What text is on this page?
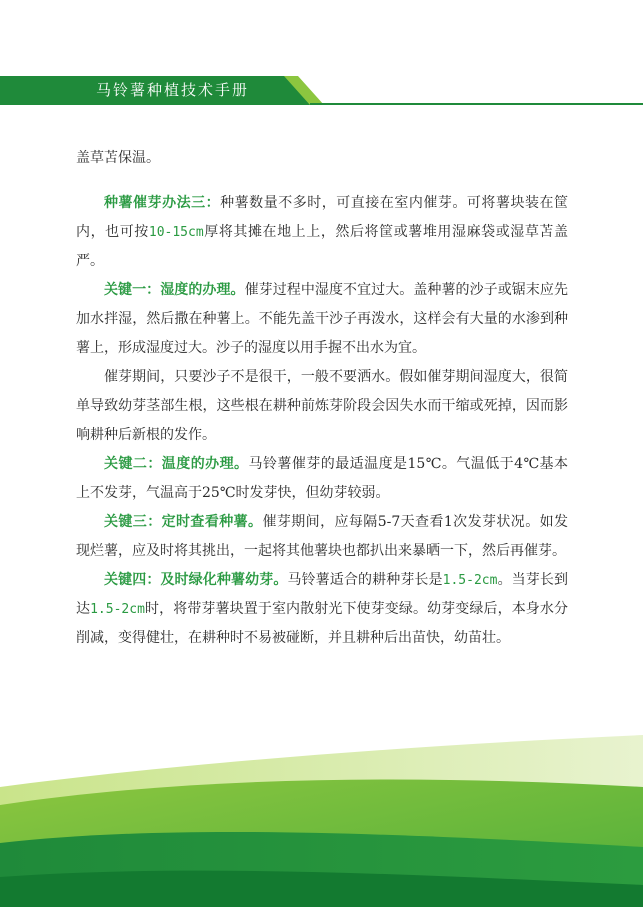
马铃薯种植技术手册

盖草苫保温。

种薯催芽办法三：种薯数量不多时，可直接在室内催芽。可将薯块装在筐内，也可按10-15cm厚将其摊在地上上，然后将筐或薯堆用湿麻袋或湿草苫盖严。

关键一：湿度的办理。催芽过程中湿度不宜过大。盖种薯的沙子或锯末应先加水拌湿，然后撒在种薯上。不能先盖干沙子再泼水，这样会有大量的水渗到种薯上，形成湿度过大。沙子的湿度以用手握不出水为宜。

催芽期间，只要沙子不是很干，一般不要洒水。假如催芽期间湿度大，很简单导致幼芽茎部生根，这些根在耕种前炼芽阶段会因失水而干缩或死掉，因而影响耕种后新根的发作。

关键二：温度的办理。马铃薯催芽的最适温度是15℃。气温低于4℃基本上不发芽，气温高于25℃时发芽快，但幼芽较弱。

关键三：定时查看种薯。催芽期间，应每隔5-7天查看1次发芽状况。如发现烂薯，应及时将其挑出，一起将其他薯块也都扒出来暴晒一下，然后再催芽。

关键四：及时绿化种薯幼芽。马铃薯适合的耕种芽长是1.5-2cm。当芽长到达1.5-2cm时，将带芽薯块置于室内散射光下使芽变绿。幼芽变绿后，本身水分削减，变得健壮，在耕种时不易被碰断，并且耕种后出苗快，幼苗壮。
